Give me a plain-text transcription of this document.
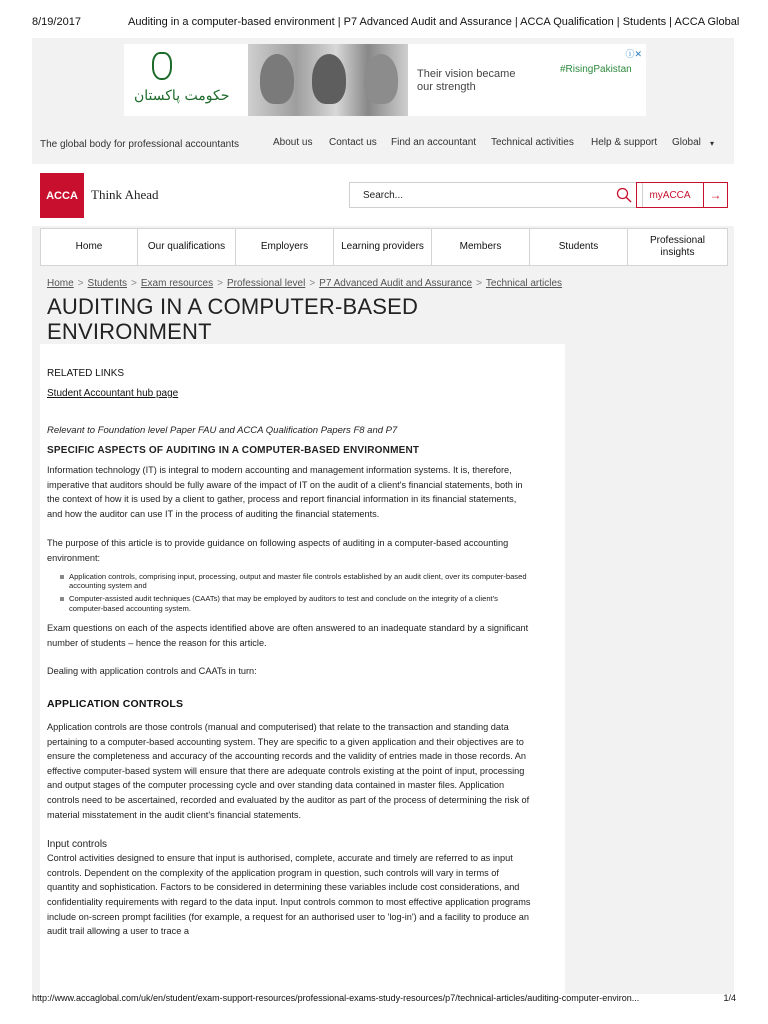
8/19/2017	Auditing in a computer-based environment | P7 Advanced Audit and Assurance | ACCA Qualification | Students | ACCA Global
حکومت پاکستان
Their vision became our strength
#RisingPakistan
ⓘ✕
The global body for professional accountants	About us Contact us Find an accountant Technical activities Help & support Global ▾
ACCA	Think Ahead
Search...	myACCA	→
Home	Our qualifications	Employers	Learning providers	Members	Students
Professional insights
Home > Students > Exam resources > Professional level > P7 Advanced Audit and Assurance > Technical articles
AUDITING IN A COMPUTER-BASED ENVIRONMENT
RELATED LINKS
Student Accountant hub page
Relevant to Foundation level Paper FAU and ACCA Qualification Papers F8 and P7
SPECIFIC ASPECTS OF AUDITING IN A COMPUTER-BASED ENVIRONMENT

Information technology (IT) is integral to modern accounting and management information systems. It is, therefore, imperative that auditors should be fully aware of the impact of IT on the audit of a client's financial statements, both in the context of how it is used by a client to gather, process and report financial information in its financial statements, and how the auditor can use IT in the process of auditing the financial statements.

The purpose of this article is to provide guidance on following aspects of auditing in a computer-based accounting environment:

Application controls, comprising input, processing, output and master file controls established by an audit client, over its computer-based accounting system and
Computer-assisted audit techniques (CAATs) that may be employed by auditors to test and conclude on the integrity of a client's computer-based accounting system.

Exam questions on each of the aspects identified above are often answered to an inadequate standard by a significant number of students – hence the reason for this article.

Dealing with application controls and CAATs in turn:

APPLICATION CONTROLS

Application controls are those controls (manual and computerised) that relate to the transaction and standing data pertaining to a computer-based accounting system. They are specific to a given application and their objectives are to ensure the completeness and accuracy of the accounting records and the validity of entries made in those records. An effective computer-based system will ensure that there are adequate controls existing at the point of input, processing and output stages of the computer processing cycle and over standing data contained in master files. Application controls need to be ascertained, recorded and evaluated by the auditor as part of the process of determining the risk of material misstatement in the audit client's financial statements.

Input controls

Control activities designed to ensure that input is authorised, complete, accurate and timely are referred to as input controls. Dependent on the complexity of the application program in question, such controls will vary in terms of quantity and sophistication. Factors to be considered in determining these variables include cost considerations, and confidentiality requirements with regard to the data input. Input controls common to most effective application programs include on-screen prompt facilities (for example, a request for an authorised user to 'log-in') and a facility to produce an audit trail allowing a user to trace a

http://www.accaglobal.com/uk/en/student/exam-support-resources/professional-exams-study-resources/p7/technical-articles/auditing-computer-environ...	1/4
